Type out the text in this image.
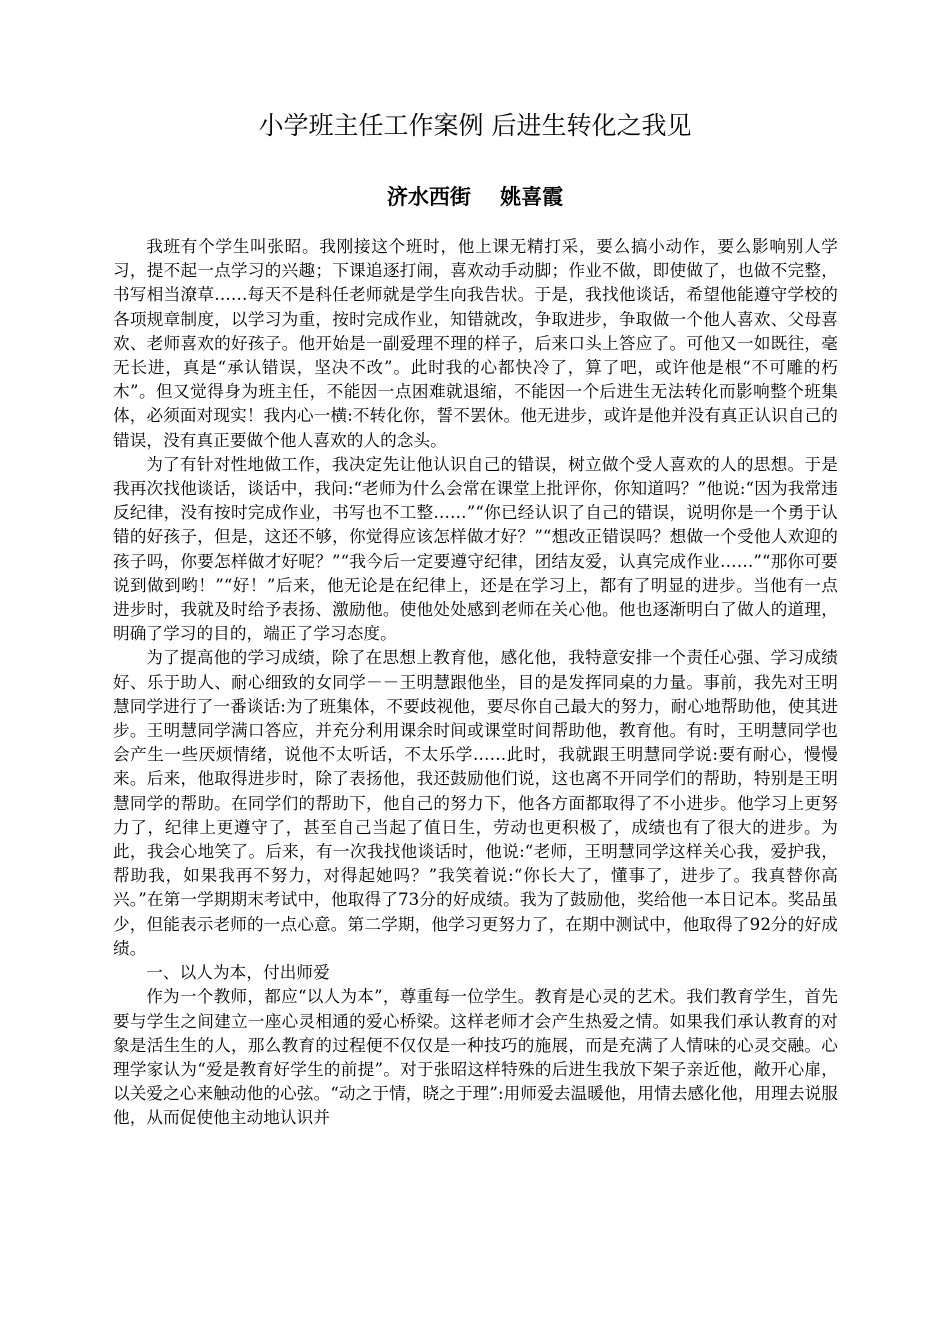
小学班主任工作案例 后进生转化之我见
济水西街    姚喜霞

我班有个学生叫张昭。我刚接这个班时，他上课无精打采，要么搞小动作，要么影响别人学习，提不起一点学习的兴趣；下课追逐打闹，喜欢动手动脚；作业不做，即使做了，也做不完整，书写相当潦草……每天不是科任老师就是学生向我告状。于是，我找他谈话，希望他能遵守学校的各项规章制度，以学习为重，按时完成作业，知错就改，争取进步，争取做一个他人喜欢、父母喜欢、老师喜欢的好孩子。他开始是一副爱理不理的样子，后来口头上答应了。可他又一如既往，毫无长进，真是“承认错误，坚决不改”。此时我的心都快冷了，算了吧，或许他是根“不可雕的朽木”。但又觉得身为班主任，不能因一点困难就退缩，不能因一个后进生无法转化而影响整个班集体，必须面对现实！我内心一横:不转化你，誓不罢休。他无进步，或许是他并没有真正认识自己的错误，没有真正要做个他人喜欢的人的念头。

为了有针对性地做工作，我决定先让他认识自己的错误，树立做个受人喜欢的人的思想。于是我再次找他谈话，谈话中，我问:“老师为什么会常在课堂上批评你，你知道吗？”他说:“因为我常违反纪律，没有按时完成作业，书写也不工整……”“你已经认识了自己的错误，说明你是一个勇于认错的好孩子，但是，这还不够，你觉得应该怎样做才好？”“想改正错误吗？想做一个受他人欢迎的孩子吗，你要怎样做才好呢？”“我今后一定要遵守纪律，团结友爱，认真完成作业……”“那你可要说到做到哟！”“好！”后来，他无论是在纪律上，还是在学习上，都有了明显的进步。当他有一点进步时，我就及时给予表扬、激励他。使他处处感到老师在关心他。他也逐渐明白了做人的道理，明确了学习的目的，端正了学习态度。

为了提高他的学习成绩，除了在思想上教育他，感化他，我特意安排一个责任心强、学习成绩好、乐于助人、耐心细致的女同学－－王明慧跟他坐，目的是发挥同桌的力量。事前，我先对王明慧同学进行了一番谈话:为了班集体，不要歧视他，要尽你自己最大的努力，耐心地帮助他，使其进步。王明慧同学满口答应，并充分利用课余时间或课堂时间帮助他，教育他。有时，王明慧同学也会产生一些厌烦情绪，说他不太听话，不太乐学……此时，我就跟王明慧同学说:要有耐心，慢慢来。后来，他取得进步时，除了表扬他，我还鼓励他们说，这也离不开同学们的帮助，特别是王明慧同学的帮助。在同学们的帮助下，他自己的努力下，他各方面都取得了不小进步。他学习上更努力了，纪律上更遵守了，甚至自己当起了值日生，劳动也更积极了，成绩也有了很大的进步。为此，我会心地笑了。后来，有一次我找他谈话时，他说:“老师，王明慧同学这样关心我，爱护我，帮助我，如果我再不努力，对得起她吗？”我笑着说:“你长大了，懂事了，进步了。我真替你高兴。”在第一学期期末考试中，他取得了73分的好成绩。我为了鼓励他，奖给他一本日记本。奖品虽少，但能表示老师的一点心意。第二学期，他学习更努力了，在期中测试中，他取得了92分的好成绩。

一、以人为本，付出师爱

作为一个教师，都应“以人为本”，尊重每一位学生。教育是心灵的艺术。我们教育学生，首先要与学生之间建立一座心灵相通的爱心桥梁。这样老师才会产生热爱之情。如果我们承认教育的对象是活生生的人，那么教育的过程便不仅仅是一种技巧的施展，而是充满了人情味的心灵交融。心理学家认为“爱是教育好学生的前提”。对于张昭这样特殊的后进生我放下架子亲近他，敞开心扉，以关爱之心来触动他的心弦。“动之于情，晓之于理”:用师爱去温暖他，用情去感化他，用理去说服他，从而促使他主动地认识并
